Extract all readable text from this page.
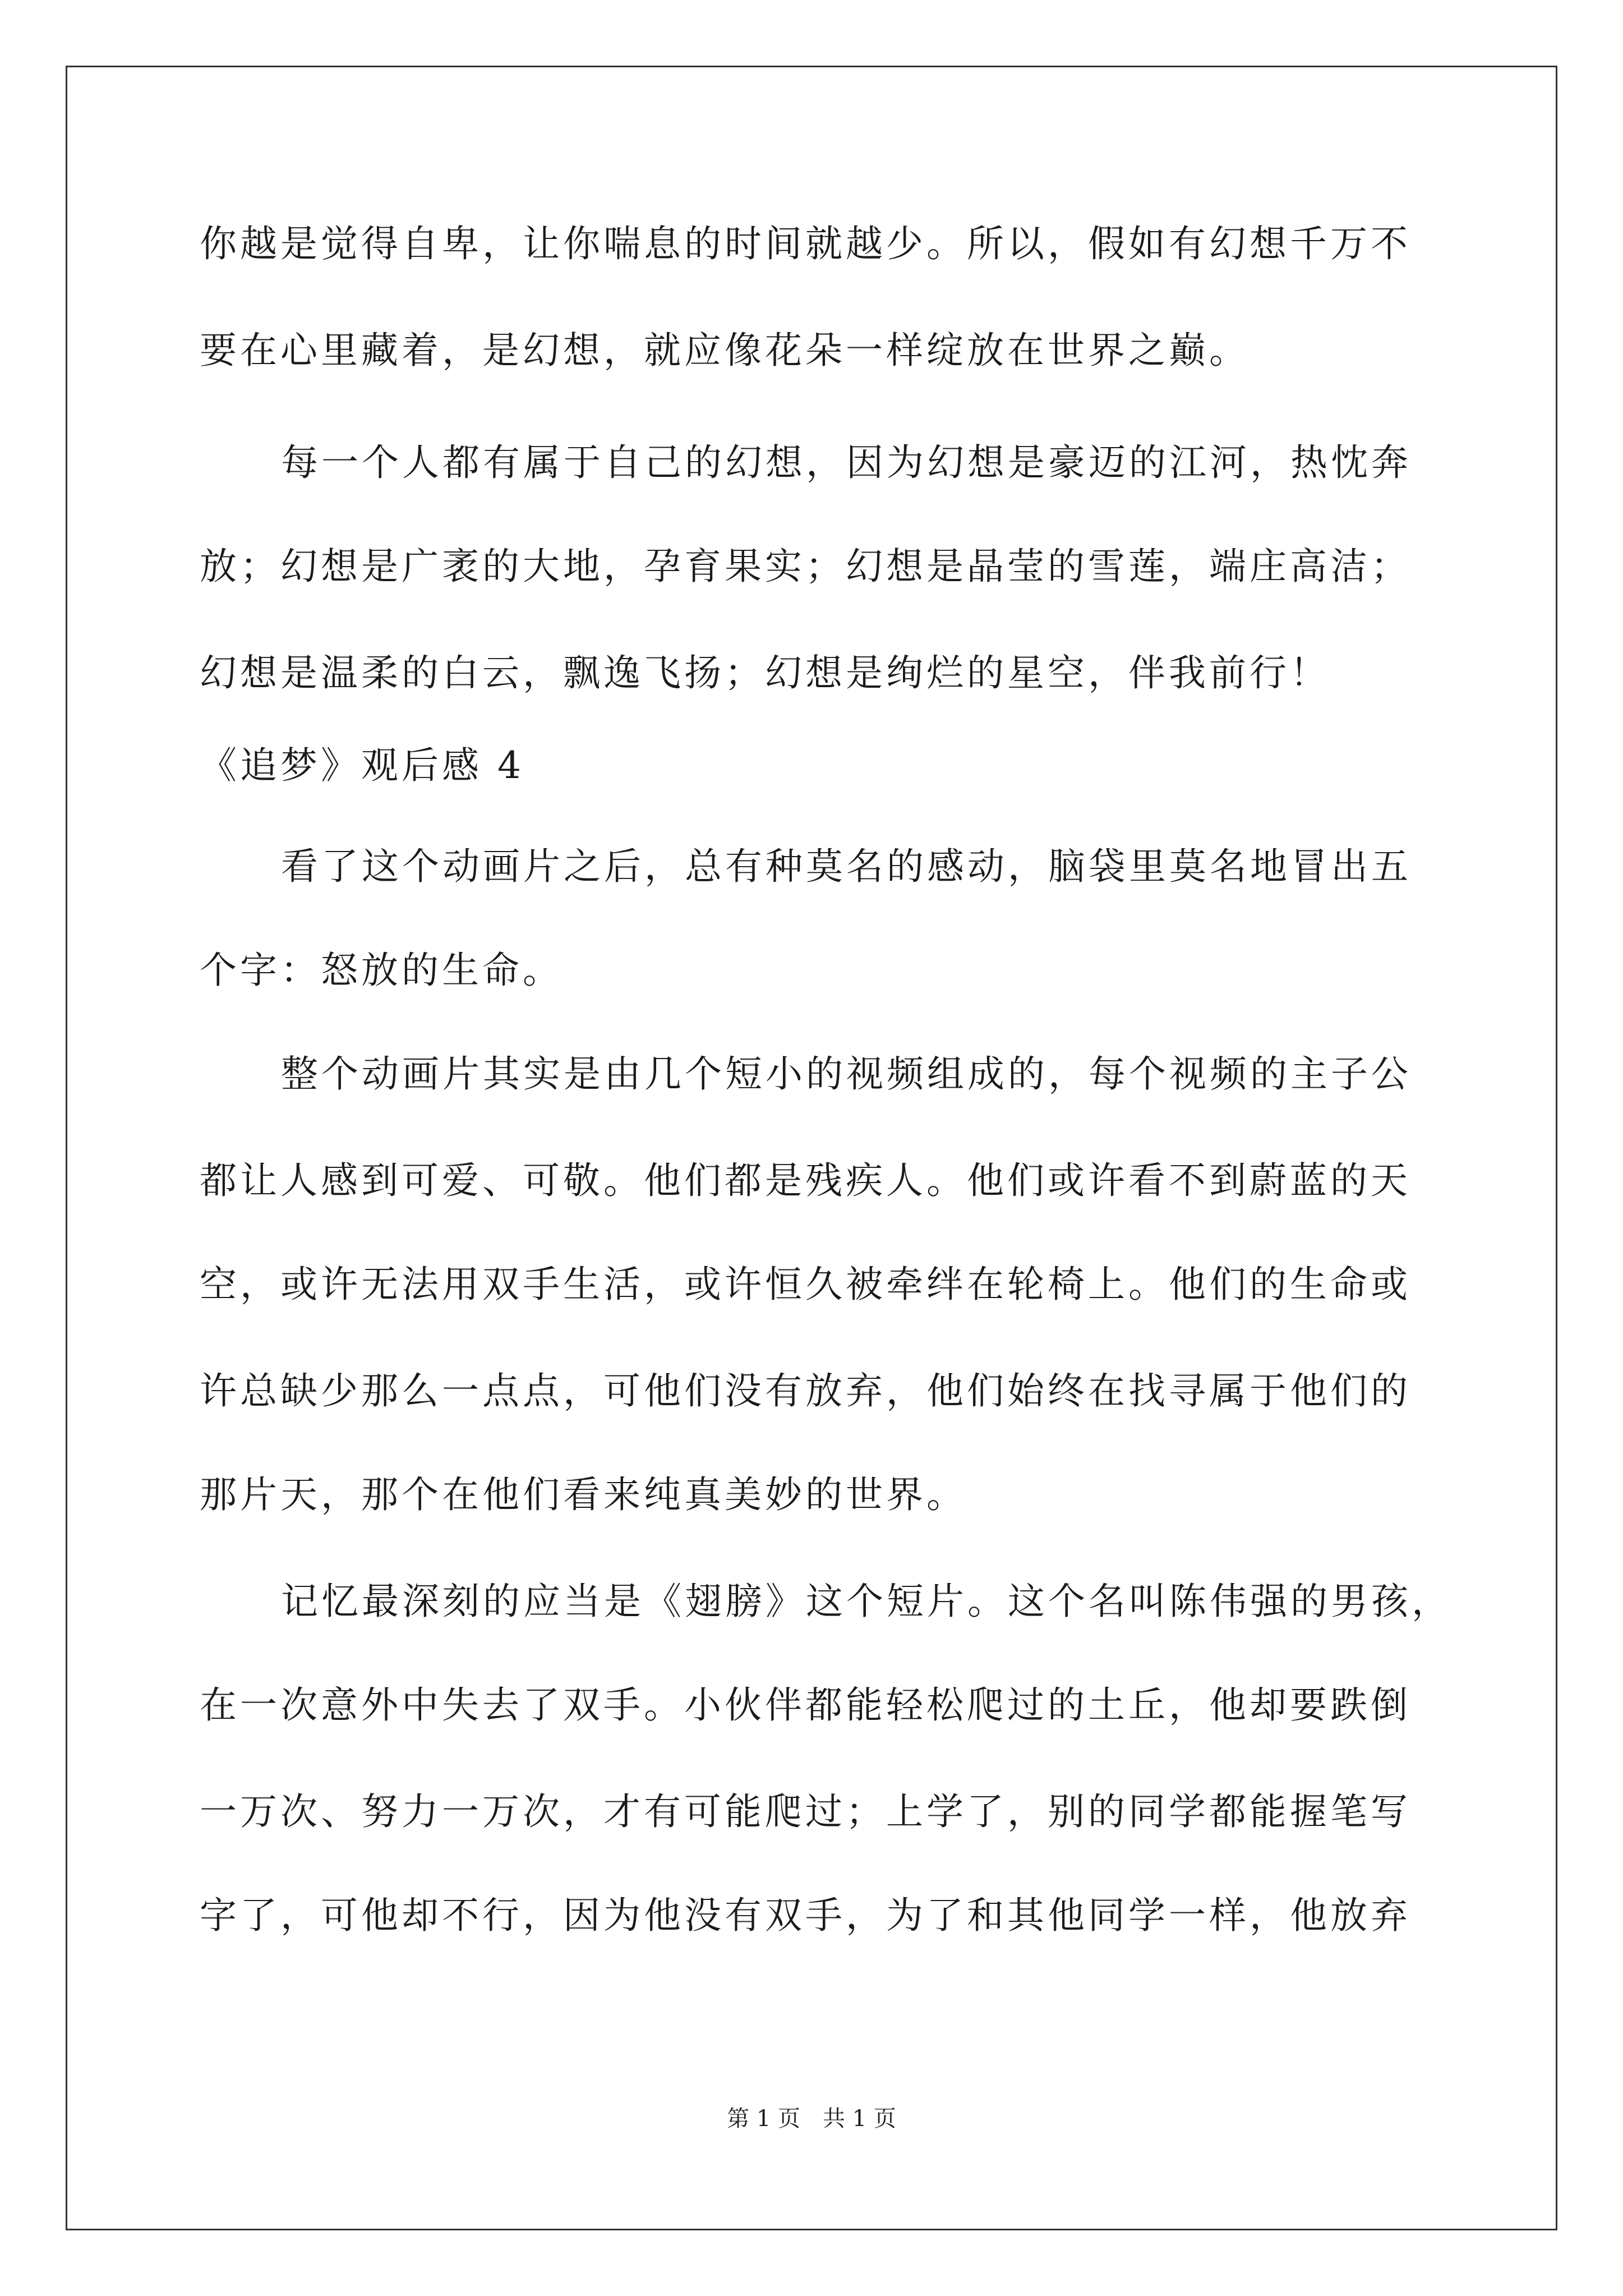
你越是觉得自卑，让你喘息的时间就越少。所以，假如有幻想千万不
要在心里藏着，是幻想，就应像花朵一样绽放在世界之巅。
每一个人都有属于自己的幻想，因为幻想是豪迈的江河，热忱奔
放；幻想是广袤的大地，孕育果实；幻想是晶莹的雪莲，端庄高洁；
幻想是温柔的白云，飘逸飞扬；幻想是绚烂的星空，伴我前行！
《追梦》观后感 4
看了这个动画片之后，总有种莫名的感动，脑袋里莫名地冒出五
个字：怒放的生命。
整个动画片其实是由几个短小的视频组成的，每个视频的主子公
都让人感到可爱、可敬。他们都是残疾人。他们或许看不到蔚蓝的天
空，或许无法用双手生活，或许恒久被牵绊在轮椅上。他们的生命或
许总缺少那么一点点，可他们没有放弃，他们始终在找寻属于他们的
那片天，那个在他们看来纯真美妙的世界。
记忆最深刻的应当是《翅膀》这个短片。这个名叫陈伟强的男孩，
在一次意外中失去了双手。小伙伴都能轻松爬过的土丘，他却要跌倒
一万次、努力一万次，才有可能爬过；上学了，别的同学都能握笔写
字了，可他却不行，因为他没有双手，为了和其他同学一样，他放弃
第 1 页　共 1 页
